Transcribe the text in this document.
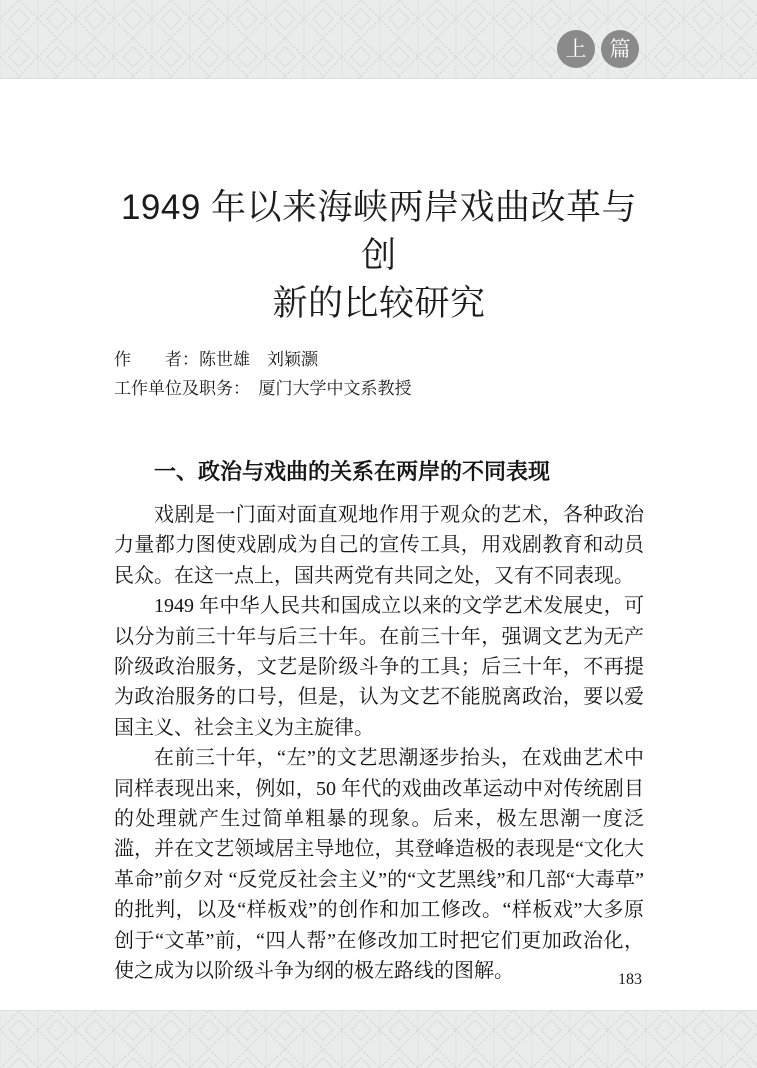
上	篇
1949 年以来海峡两岸戏曲改革与创
新的比较研究

作　　者：陈世雄　刘颖灏

工作单位及职务：　厦门大学中文系教授

一、政治与戏曲的关系在两岸的不同表现

戏剧是一门面对面直观地作用于观众的艺术，各种政治力量都力图使戏剧成为自己的宣传工具，用戏剧教育和动员民众。在这一点上，国共两党有共同之处，又有不同表现。

1949 年中华人民共和国成立以来的文学艺术发展史，可以分为前三十年与后三十年。在前三十年，强调文艺为无产阶级政治服务，文艺是阶级斗争的工具；后三十年，不再提为政治服务的口号，但是，认为文艺不能脱离政治，要以爱国主义、社会主义为主旋律。

在前三十年，“左”的文艺思潮逐步抬头，在戏曲艺术中同样表现出来，例如，50 年代的戏曲改革运动中对传统剧目的处理就产生过简单粗暴的现象。后来，极左思潮一度泛滥，并在文艺领域居主导地位，其登峰造极的表现是“文化大革命”前夕对 “反党反社会主义”的“文艺黑线”和几部“大毒草”的批判，以及“样板戏”的创作和加工修改。“样板戏”大多原创于“文革”前，“四人帮”在修改加工时把它们更加政治化，使之成为以阶级斗争为纲的极左路线的图解。	183
